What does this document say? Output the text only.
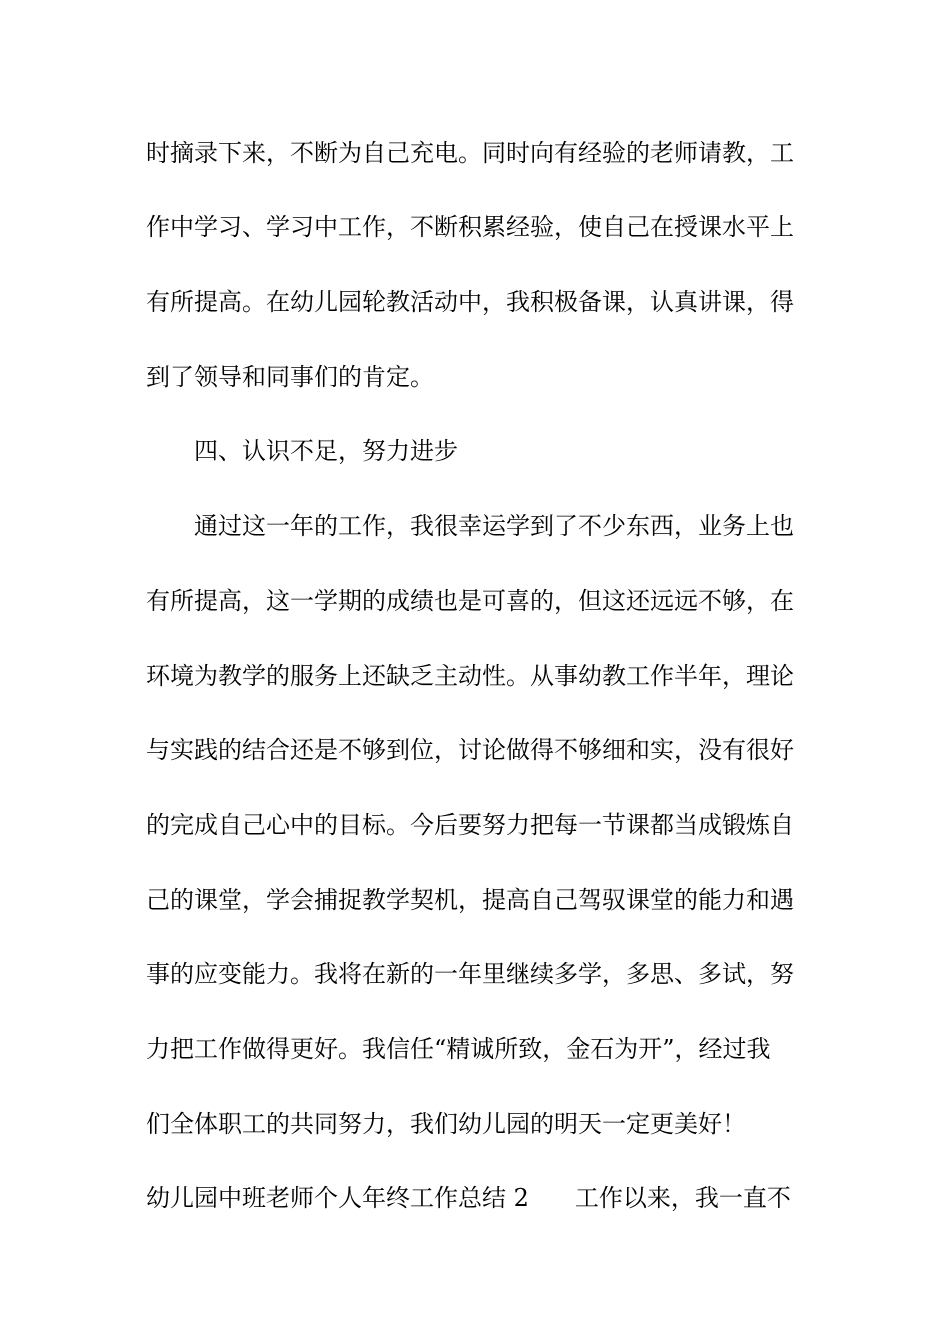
时摘录下来，不断为自己充电。同时向有经验的老师请教，工
作中学习、学习中工作，不断积累经验，使自己在授课水平上
有所提高。在幼儿园轮教活动中，我积极备课，认真讲课，得
到了领导和同事们的肯定。
四、认识不足，努力进步
通过这一年的工作，我很幸运学到了不少东西，业务上也
有所提高，这一学期的成绩也是可喜的，但这还远远不够，在
环境为教学的服务上还缺乏主动性。从事幼教工作半年，理论
与实践的结合还是不够到位，讨论做得不够细和实，没有很好
的完成自己心中的目标。今后要努力把每一节课都当成锻炼自
己的课堂，学会捕捉教学契机，提高自己驾驭课堂的能力和遇
事的应变能力。我将在新的一年里继续多学，多思、多试，努
力把工作做得更好。我信任“精诚所致，金石为开”，经过我
们全体职工的共同努力，我们幼儿园的明天一定更美好！
幼儿园中班老师个人年终工作总结 2 工作以来，我一直不
